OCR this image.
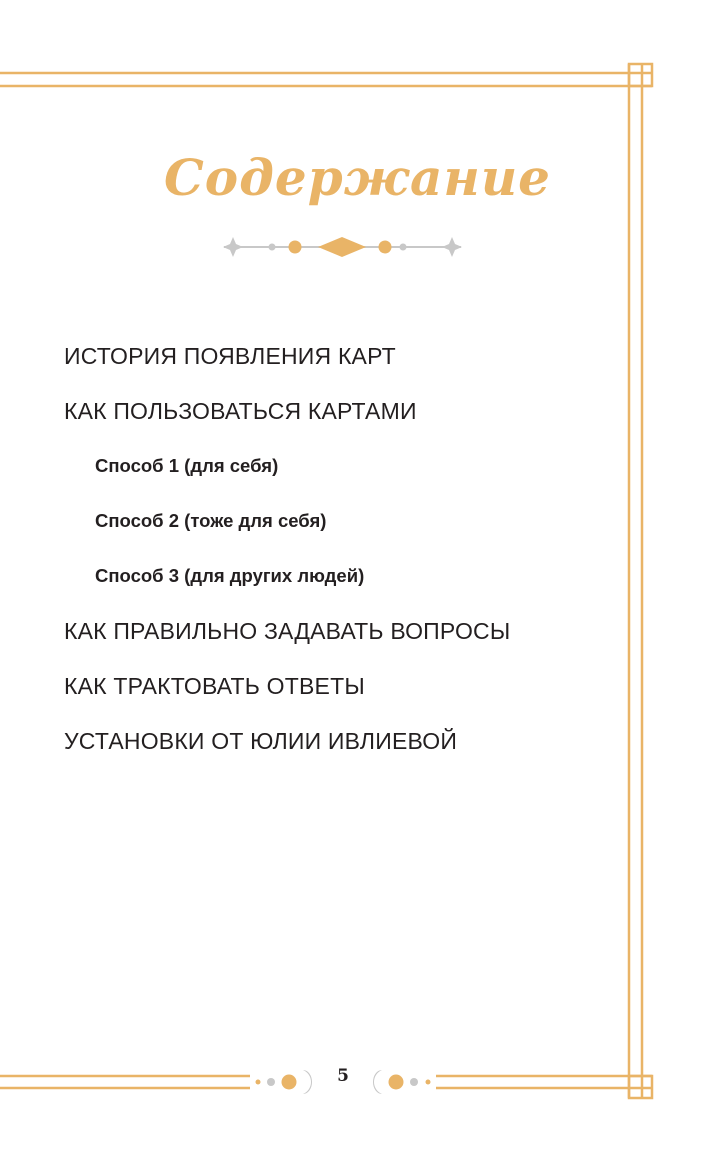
Содержание
ИСТОРИЯ ПОЯВЛЕНИЯ КАРТ
КАК ПОЛЬЗОВАТЬСЯ КАРТАМИ
Способ 1 (для себя)
Способ 2 (тоже для себя)
Способ 3 (для других людей)
КАК ПРАВИЛЬНО ЗАДАВАТЬ ВОПРОСЫ
КАК ТРАКТОВАТЬ ОТВЕТЫ
УСТАНОВКИ ОТ ЮЛИИ ИВЛИЕВОЙ
5
